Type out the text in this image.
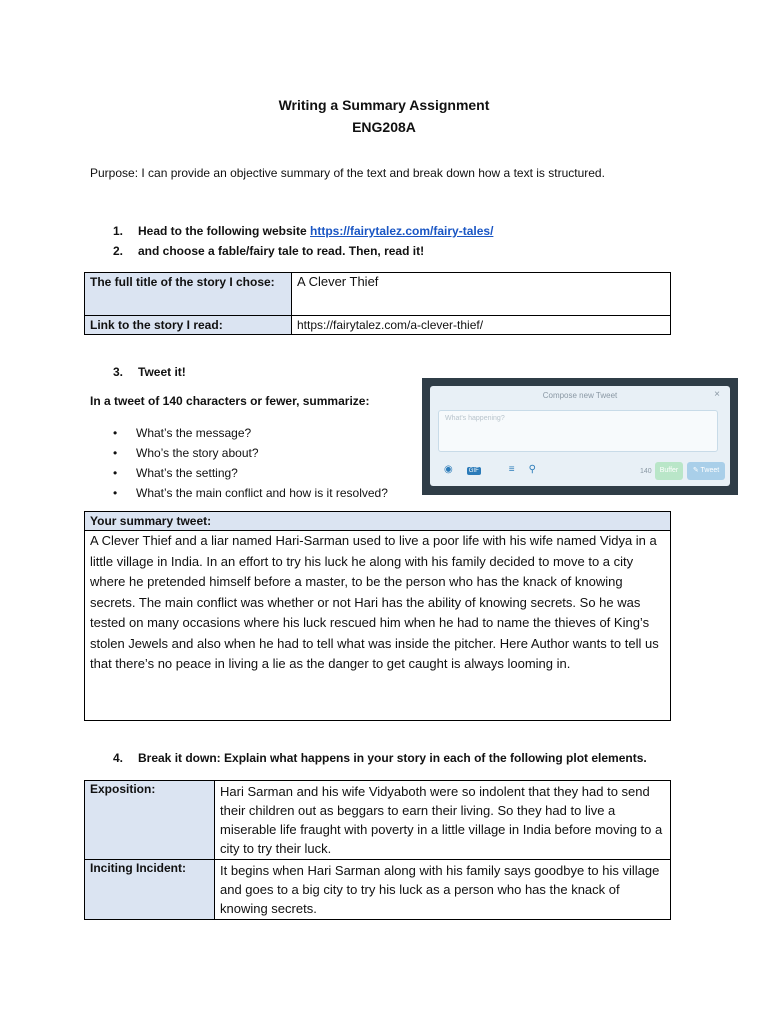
Writing a Summary Assignment
ENG208A
Purpose: I can provide an objective summary of the text and break down how a text is structured.
1. Head to the following website https://fairytalez.com/fairy-tales/
2. and choose a fable/fairy tale to read. Then, read it!
The full title of the story I chose:	A Clever Thief
Link to the story I read:	https://fairytalez.com/a-clever-thief/
3. Tweet it!
In a tweet of 140 characters or fewer, summarize:
• What’s the message?
• Who’s the story about?
• What’s the setting?
• What’s the main conflict and how is it resolved?
Compose new Tweet	×
What's happening?
◉	GIF	≡ ⚲	140	Buffer	✎ Tweet
Your summary tweet:
A Clever Thief and a liar named Hari-Sarman used to live a poor life with his wife named Vidya in a little village in India. In an effort to try his luck he along with his family decided to move to a city where he pretended himself before a master, to be the person who has the knack of knowing secrets. The main conflict was whether or not Hari has the ability of knowing secrets. So he was tested on many occasions where his luck rescued him when he had to name the thieves of King’s stolen Jewels and also when he had to tell what was inside the pitcher. Here Author wants to tell us that there’s no peace in living a lie as the danger to get caught is always looming in.
4. Break it down: Explain what happens in your story in each of the following plot elements.
Exposition:	Hari Sarman and his wife Vidyaboth were so indolent that they had to send their children out as beggars to earn their living. So they had to live a miserable life fraught with poverty in a little village in India before moving to a city to try their luck.
Inciting Incident:	It begins when Hari Sarman along with his family says goodbye to his village and goes to a big city to try his luck as a person who has the knack of knowing secrets.
